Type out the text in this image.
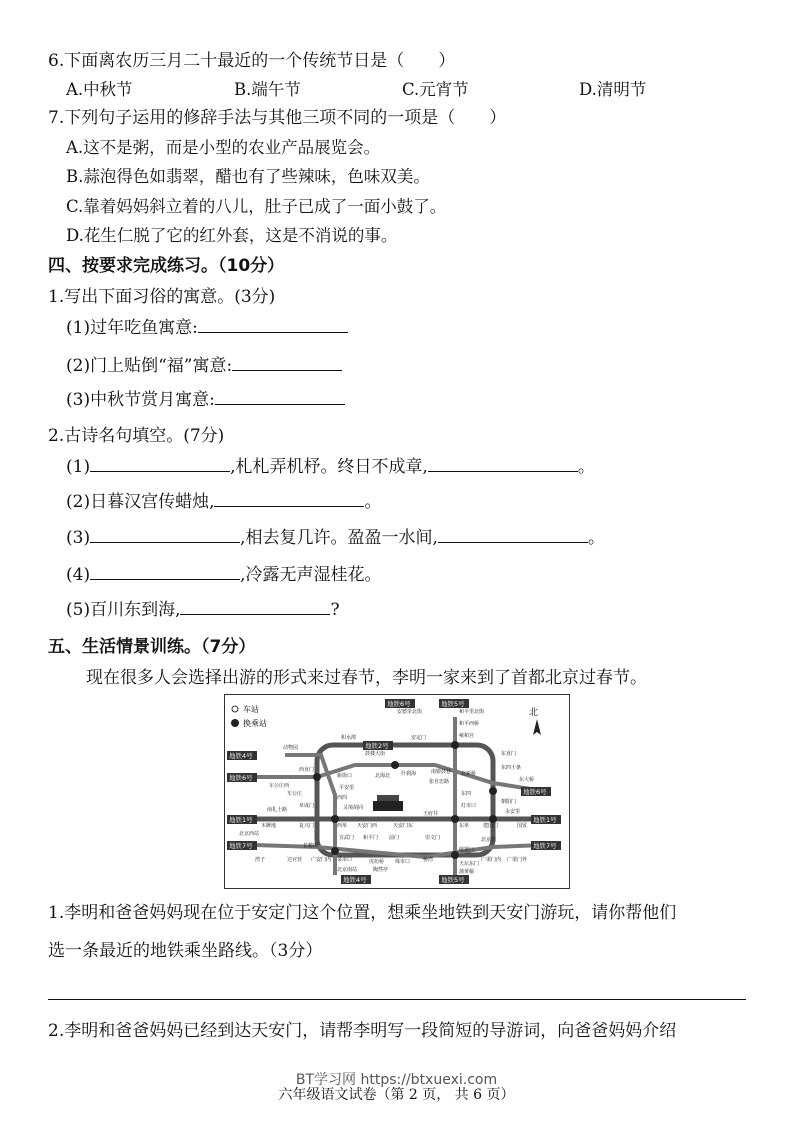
6.下面离农历三月二十最近的一个传统节日是（　　）
A.中秋节	B.端午节	C.元宵节	D.清明节
7.下列句子运用的修辞手法与其他三项不同的一项是（　　）
A.这不是粥，而是小型的农业产品展览会。
B.蒜泡得色如翡翠，醋也有了些辣味，色味双美。
C.靠着妈妈斜立着的八儿，肚子已成了一面小鼓了。
D.花生仁脱了它的红外套，这是不消说的事。
四、按要求完成练习。（10分）
1.写出下面习俗的寓意。(3分)
(1)过年吃鱼寓意:
(2)门上贴倒“福”寓意:
(3)中秋节赏月寓意:
2.古诗名句填空。(7分)
(1)	,札札弄机杼。终日不成章,	。
(2)日暮汉宫传蜡烛,	。
(3)	,相去复几许。盈盈一水间,	。
(4)	,冷露无声湿桂花。
(5)百川东到海,	?
五、生活情景训练。（7分）
现在很多人会选择出游的形式来过春节，李明一家来到了首都北京过春节。
车站
换乘站
北
地铁4号
地铁6号
地铁1号
地铁7号
地铁2号
地铁5号
地铁6号
地铁1号
地铁7号
地铁4号	地铁5号
地铁6号
动物园
西直门
积水潭
鼓楼大街
安德里北街
安定门
和平里北街
和平西桥
雍和宫
车公庄西
车公庄
新街口	北海北 什刹海	南锣鼓巷
张自忠路
北新桥
东四十条
东直门
朝阳门
东大桥
平安里
西四
东四
灯市口
阜成门	灵境胡同
南礼士路
木樨地	复兴门	西单 天安门西	天安门东
王府井
东单	建国门
永安里
国贸
北京西站
宣武门 和平门 前门	崇文门	北京站
湾子	达官营 广安门内 菜市口	虎坊桥 珠市口	桥湾
磁器口
广渠门内 广渠门外
长椿街
北京南站
天坛东门
蒲黄榆
陶然亭
1.李明和爸爸妈妈现在位于安定门这个位置，想乘坐地铁到天安门游玩，请你帮他们
选一条最近的地铁乘坐路线。（3分）
2.李明和爸爸妈妈已经到达天安门，请帮李明写一段简短的导游词，向爸爸妈妈介绍
BT学习网 https://btxuexi.com
六年级语文试卷（第 2 页， 共 6 页）
